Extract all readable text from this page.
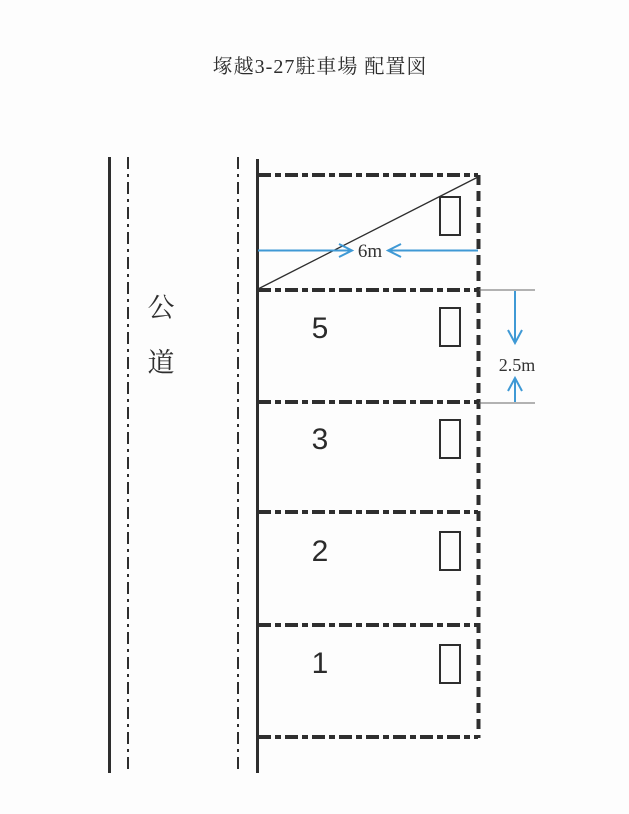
塚越3-27駐車場 配置図
公
道
5
3
2
1
6m
2.5m
